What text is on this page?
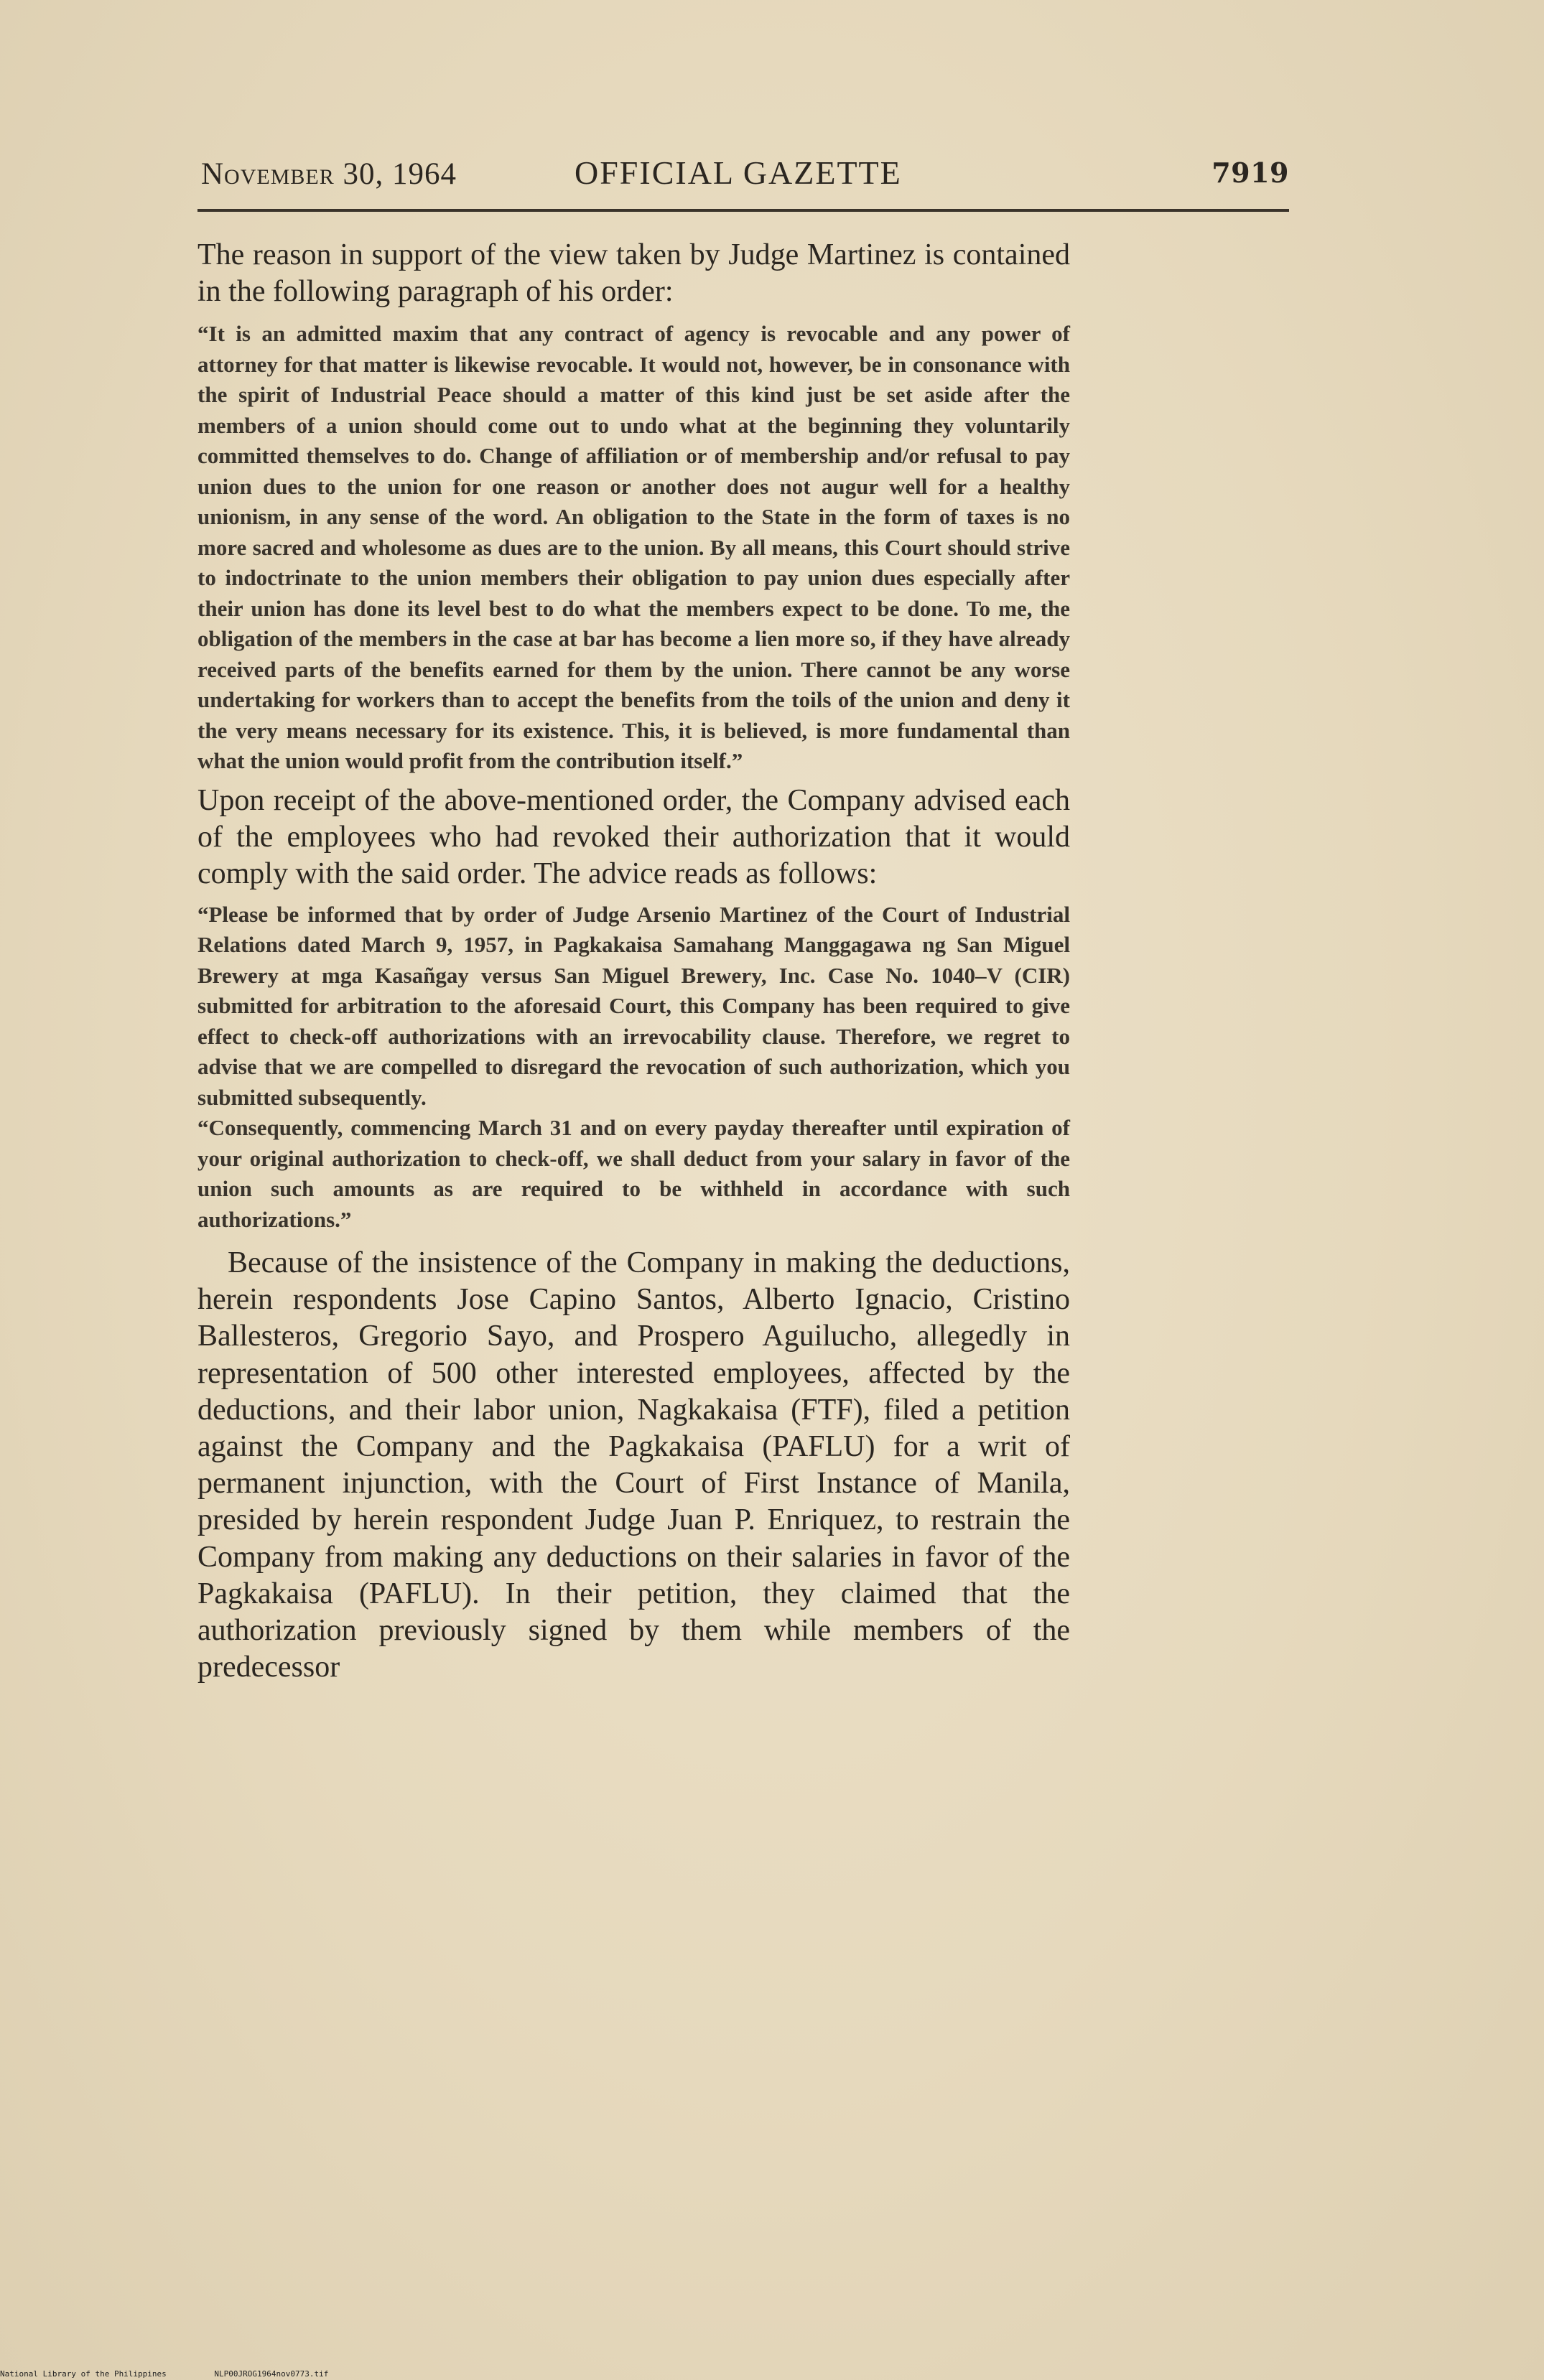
November 30, 1964	OFFICIAL GAZETTE	7919

The reason in support of the view taken by Judge Martinez is contained in the following paragraph of his order:

“It is an admitted maxim that any contract of agency is revocable and any power of attorney for that matter is likewise revocable. It would not, however, be in consonance with the spirit of Industrial Peace should a matter of this kind just be set aside after the members of a union should come out to undo what at the beginning they voluntarily committed themselves to do. Change of affiliation or of membership and/or refusal to pay union dues to the union for one reason or another does not augur well for a healthy unionism, in any sense of the word. An obligation to the State in the form of taxes is no more sacred and wholesome as dues are to the union. By all means, this Court should strive to indoctrinate to the union members their obligation to pay union dues especially after their union has done its level best to do what the members expect to be done. To me, the obligation of the members in the case at bar has become a lien more so, if they have already received parts of the benefits earned for them by the union. There cannot be any worse undertaking for workers than to accept the benefits from the toils of the union and deny it the very means necessary for its existence. This, it is believed, is more fundamental than what the union would profit from the contribution itself.”

Upon receipt of the above-mentioned order, the Company advised each of the employees who had revoked their authorization that it would comply with the said order. The advice reads as follows:

“Please be informed that by order of Judge Arsenio Martinez of the Court of Industrial Relations dated March 9, 1957, in Pagkakaisa Samahang Manggagawa ng San Miguel Brewery at mga Kasañgay versus San Miguel Brewery, Inc. Case No. 1040–V (CIR) submitted for arbitration to the aforesaid Court, this Company has been required to give effect to check-off authorizations with an irrevocability clause. Therefore, we regret to advise that we are compelled to disregard the revocation of such authorization, which you submitted subsequently.

“Consequently, commencing March 31 and on every payday thereafter until expiration of your original authorization to check-off, we shall deduct from your salary in favor of the union such amounts as are required to be withheld in accordance with such authorizations.”

Because of the insistence of the Company in making the deductions, herein respondents Jose Capino Santos, Alberto Ignacio, Cristino Ballesteros, Gregorio Sayo, and Prospero Aguilucho, allegedly in representation of 500 other interested employees, affected by the deductions, and their labor union, Nagkakaisa (FTF), filed a petition against the Company and the Pagkakaisa (PAFLU) for a writ of permanent injunction, with the Court of First Instance of Manila, presided by herein respondent Judge Juan P. Enriquez, to restrain the Company from making any deductions on their salaries in favor of the Pagkakaisa (PAFLU). In their petition, they claimed that the authorization previously signed by them while members of the predecessor

National Library of the Philippines	NLP00JROG1964nov0773.tif
